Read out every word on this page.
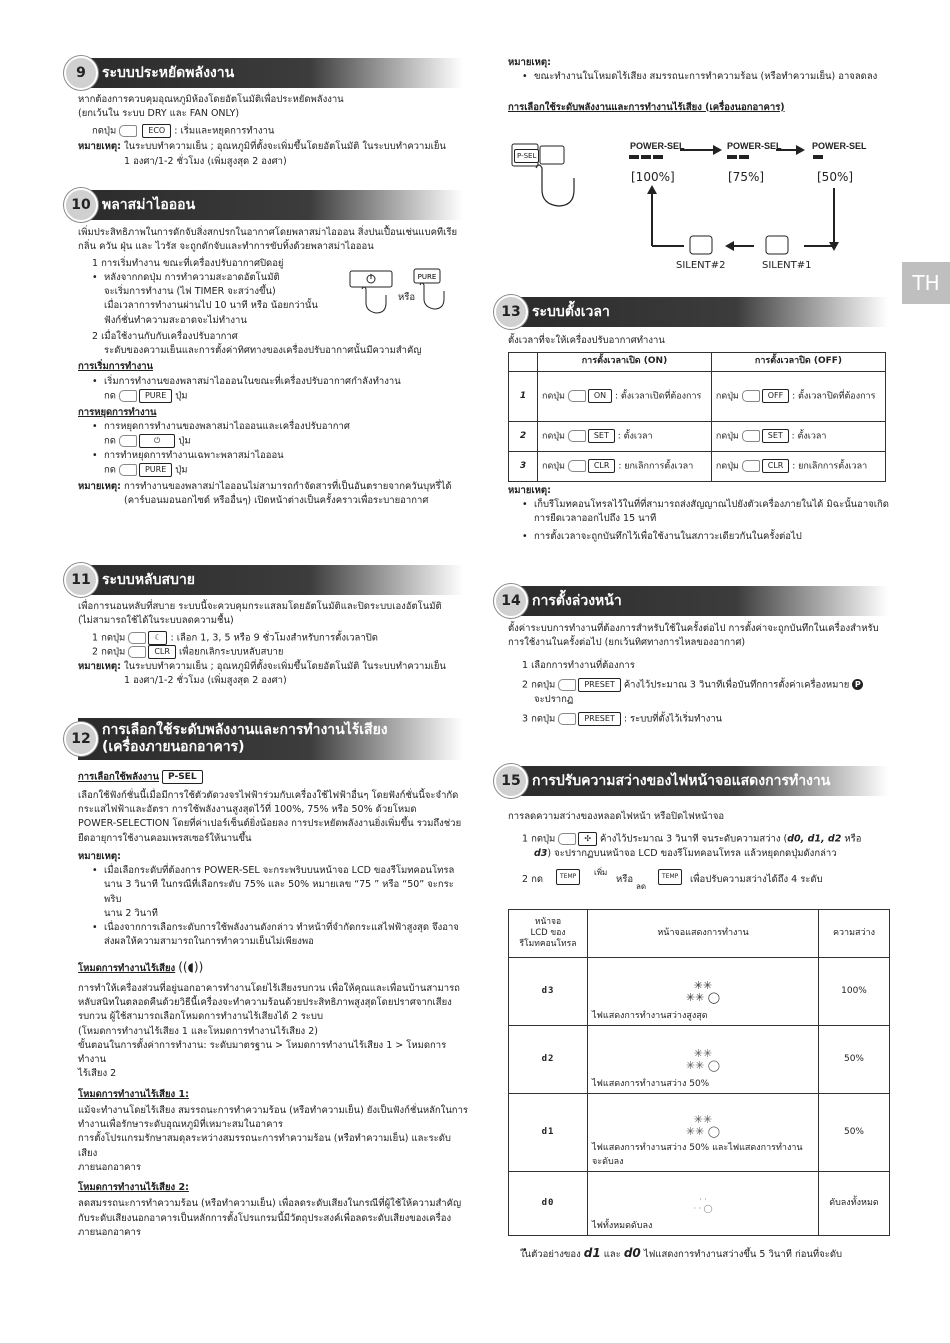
TH
9	ระบบประหยัดพลังงาน

หากต้องการควบคุมอุณหภูมิห้องโดยอัตโนมัติเพื่อประหยัดพลังงาน

(ยกเว้นใน ระบบ DRY และ FAN ONLY)

กดปุ่ม	ECO : เริ่มและหยุดการทำงาน

หมายเหตุ: ในระบบทำความเย็น ; อุณหภูมิที่ตั้งจะเพิ่มขึ้นโดยอัตโนมัติ ในระบบทำความเย็น

1 องศา/1-2 ชั่วโมง (เพิ่มสูงสุด 2 องศา)

10 พลาสม่าไอออน

เพิ่มประสิทธิภาพในการดักจับสิ่งสกปรกในอากาศโดยพลาสม่าไอออน สิ่งปนเปื้อนเช่นแบคทีเรีย

กลิ่น ควัน ฝุ่น และ ไวรัส จะถูกดักจับและทำการขับทิ้งด้วยพลาสม่าไอออน

1 การเริ่มทำงาน ขณะที่เครื่องปรับอากาศปิดอยู่

• หลังจากกดปุ่ม การทำความสะอาดอัตโนมัติ

จะเริ่มการทำงาน (ไฟ TIMER จะสว่างขึ้น)

เมื่อเวลาการทำงานผ่านไป 10 นาที หรือ น้อยกว่านั้น

ฟังก์ชั่นทำความสะอาดจะไม่ทำงาน

PURE
หรือ

2 เมื่อใช้งานกับกับเครื่องปรับอากาศ

ระดับของความเย็นและการตั้งค่าทิศทางของเครื่องปรับอากาศนั้นมีความสำคัญ

การเริ่มการทำงาน

• เริ่มการทำงานของพลาสม่าไอออนในขณะที่เครื่องปรับอากาศกำลังทำงาน

กด	PURE ปุ่ม

การหยุดการทำงาน

• การหยุดการทำงานของพลาสม่าไอออนและเครื่องปรับอากาศ

กด	⏻ ปุ่ม

• การทำหยุดการทำงานเฉพาะพลาสม่าไอออน

กด	PURE ปุ่ม

หมายเหตุ: การทำงานของพลาสม่าไอออนไม่สามารถกำจัดสารที่เป็นอันตรายจากควันบุหรี่ได้

(คาร์บอนมอนอกไซด์ หรืออื่นๆ) เปิดหน้าต่างเป็นครั้งคราวเพื่อระบายอากาศ

11 ระบบหลับสบาย

เพื่อการนอนหลับที่สบาย ระบบนี้จะควบคุมกระแสลมโดยอัตโนมัติและปิดระบบเองอัตโนมัติ

(ไม่สามารถใช้ได้ในระบบลดความชื้น)

1 กดปุ่ม	☾ : เลือก 1, 3, 5 หรือ 9 ชั่วโมงสำหรับการตั้งเวลาปิด

2 กดปุ่ม	CLR เพื่อยกเลิกระบบหลับสบาย

หมายเหตุ: ในระบบทำความเย็น ; อุณหภูมิที่ตั้งจะเพิ่มขึ้นโดยอัตโนมัติ ในระบบทำความเย็น

1 องศา/1-2 ชั่วโมง (เพิ่มสูงสุด 2 องศา)

12
การเลือกใช้ระดับพลังงานและการทำงานไร้เสียง
(เครื่องภายนอกอาคาร)

การเลือกใช้พลังงาน P-SEL

เลือกใช้ฟังก์ชั่นนี้เมื่อมีการใช้ตัวตัดวงจรไฟฟ้าร่วมกับเครื่องใช้ไฟฟ้าอื่นๆ โดยฟังก์ชั่นนี้จะจำกัด

กระแสไฟฟ้าและอัตรา การใช้พลังงานสูงสุดไว้ที่ 100%, 75% หรือ 50% ด้วยโหมด

POWER-SELECTION โดยที่ค่าเปอร์เซ็นต์ยิ่งน้อยลง การประหยัดพลังงานยิ่งเพิ่มขึ้น รวมถึงช่วย

ยืดอายุการใช้งานคอมเพรสเซอร์ให้นานขึ้น

หมายเหตุ:

• เมื่อเลือกระดับที่ต้องการ POWER-SEL จะกระพริบบนหน้าจอ LCD ของรีโมทคอนโทรล

นาน 3 วินาที ในกรณีที่เลือกระดับ 75% และ 50% หมายเลข “75 ” หรือ “50” จะกระพริบ

นาน 2 วินาที

• เนื่องจากการเลือกระดับการใช้พลังงานดังกล่าว ทำหน้าที่จำกัดกระแสไฟฟ้าสูงสุด จึงอาจ

ส่งผลให้ความสามารถในการทำความเย็นไม่เพียงพอ

โหมดการทำงานไร้เสียง ((◖))

การทำให้เครื่องส่วนที่อยู่นอกอาคารทำงานโดยไร้เสียงรบกวน เพื่อให้คุณและเพื่อนบ้านสามารถ

หลับสนิทในตลอดคืนด้วยวิธีนี้เครื่องจะทำความร้อนด้วยประสิทธิภาพสูงสุดโดยปราศจากเสียง

รบกวน ผู้ใช้สามารถเลือกโหมดการทำงานไร้เสียงได้ 2 ระบบ

(โหมดการทำงานไร้เสียง 1 และโหมดการทำงานไร้เสียง 2)

ขั้นตอนในการตั้งค่าการทำงาน: ระดับมาตรฐาน > โหมดการทำงานไร้เสียง 1 > โหมดการทำงาน

ไร้เสียง 2

โหมดการทำงานไร้เสียง 1:

แม้จะทำงานโดยไร้เสียง สมรรถนะการทำความร้อน (หรือทำความเย็น) ยังเป็นฟังก์ชั่นหลักในการ

ทำงานเพื่อรักษาระดับอุณหภูมิที่เหมาะสมในอาคาร

การตั้งโปรแกรมรักษาสมดุลระหว่างสมรรถนะการทำความร้อน (หรือทำความเย็น) และระดับเสียง

ภายนอกอาคาร

โหมดการทำงานไร้เสียง 2:

ลดสมรรถนะการทำความร้อน (หรือทำความเย็น) เพื่อลดระดับเสียงในกรณีที่ผู้ใช้ให้ความสำคัญ

กับระดับเสียงนอกอาคารเป็นหลักการตั้งโปรแกรมนี้มีวัตถุประสงค์เพื่อลดระดับเสียงของเครื่อง

ภายนอกอาคาร

หมายเหตุ:

• ขณะทำงานในโหมดไร้เสียง สมรรถนะการทำความร้อน (หรือทำความเย็น) อาจลดลง

การเลือกใช้ระดับพลังงานและการทำงานไร้เสียง (เครื่องนอกอาคาร)

P-SEL
POWER-SEL	POWER-SEL	POWER-SEL
[100%]	[75%]	[50%]
SILENT#2	SILENT#1
13 ระบบตั้งเวลา

ตั้งเวลาที่จะให้เครื่องปรับอากาศทำงาน

	การตั้งเวลาเปิด (ON)	การตั้งเวลาปิด (OFF)
1	กดปุ่ม ON : ตั้งเวลาเปิดที่ต้องการ	กดปุ่ม OFF : ตั้งเวลาปิดที่ต้องการ
2	กดปุ่ม SET : ตั้งเวลา	กดปุ่ม SET : ตั้งเวลา
3	กดปุ่ม CLR : ยกเลิกการตั้งเวลา	กดปุ่ม CLR : ยกเลิกการตั้งเวลา

หมายเหตุ:

• เก็บรีโมทคอนโทรลไว้ในที่ที่สามารถส่งสัญญาณไปยังตัวเครื่องภายในได้ มิฉะนั้นอาจเกิด

การยืดเวลาออกไปถึง 15 นาที

• การตั้งเวลาจะถูกบันทึกไว้เพื่อใช้งานในสภาวะเดียวกันในครั้งต่อไป

14 การตั้งล่วงหน้า

ตั้งค่าระบบการทำงานที่ต้องการสำหรับใช้ในครั้งต่อไป การตั้งค่าจะถูกบันทึกในเครื่องสำหรับ

การใช้งานในครั้งต่อไป (ยกเว้นทิศทางการไหลของอากาศ)

1 เลือกการทำงานที่ต้องการ

2 กดปุ่ม	PRESET ค้างไว้ประมาณ 3 วินาทีเพื่อบันทึกการตั้งค่าเครื่องหมาย P

จะปรากฏ

3 กดปุ่ม	PRESET : ระบบที่ตั้งไว้เริ่มทำงาน

15 การปรับความสว่างของไฟหน้าจอแสดงการทำงาน

การลดความสว่างของหลอดไฟหน้า หรือปิดไฟหน้าจอ

1 กดปุ่ม	✣ ค้างไว้ประมาณ 3 วินาที จนระดับความสว่าง (d0, d1, d2 หรือ

d3) จะปรากฏบนหน้าจอ LCD ของรีโมทคอนโทรล แล้วหยุดกดปุ่มดังกล่าว

2 กด	TEMP	เพิ่ม
หรือ
ลด
TEMP	เพื่อปรับความสว่างได้ถึง 4 ระดับ
หน้าจอ
LCD ของ
รีโมทคอนโทรล	หน้าจอแสดงการทำงาน	ความสว่าง
d3	✳✳
✳✳ ◯
ไฟแสดงการทำงานสว่างสูงสุด	100%
d2	✳✳
✳✳ ◯
ไฟแสดงการทำงานสว่าง 50%	50%
d1	✳✳
✳✳ ◯
ไฟแสดงการทำงานสว่าง 50% และไฟแสดงการทำงาน
จะดับลง	50%
d0	· ·
· · ◯
ไฟทั้งหมดดับลง	ดับลงทั้งหมด

• ในตัวอย่างของ d1 และ d0 ไฟแสดงการทำงานสว่างขึ้น 5 วินาที ก่อนที่จะดับ
